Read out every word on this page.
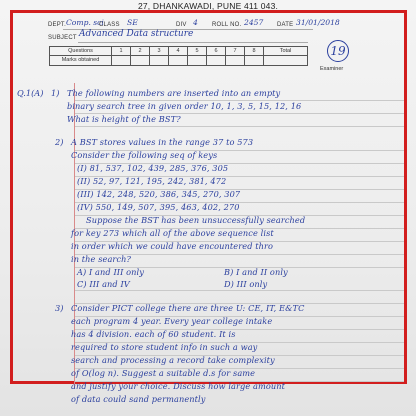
27, DHANKAWADI, PUNE 411 043.
DEPT. Comp. sci
CLASS SE	DIV 4 ROLL NO. 2457 DATE 31/01/2018
SUBJECT Advanced Data structure
Questions	1	2	3	4	5	6	7	8	Total
Marks obtained									
19
Examiner
Q.1(A) 1) The following numbers are inserted into an empty
binary search tree in given order 10, 1, 3, 5, 15, 12, 16
What is height of the BST?
2) A BST stores values in the range 37 to 573
Consider the following seq of keys
(I) 81, 537, 102, 439, 285, 376, 305
(II) 52, 97, 121, 195, 242, 381, 472
(III) 142, 248, 520, 386, 345, 270, 307
(IV) 550, 149, 507, 395, 463, 402, 270
Suppose the BST has been unsuccessfully searched
for key 273 which all of the above sequence list
in order which we could have encountered thro
in the search?
A) I and III only	B) I and II only
C) III and IV	D) III only
3) Consider PICT college there are three U: CE, IT, E&TC
each program 4 year. Every year college intake
has 4 division. each of 60 student. It is
required to store student info in such a way
search and processing a record take complexity
of O(log n). Suggest a suitable d.s for same
and justify your choice. Discuss how large amount
of data could sand permanently
